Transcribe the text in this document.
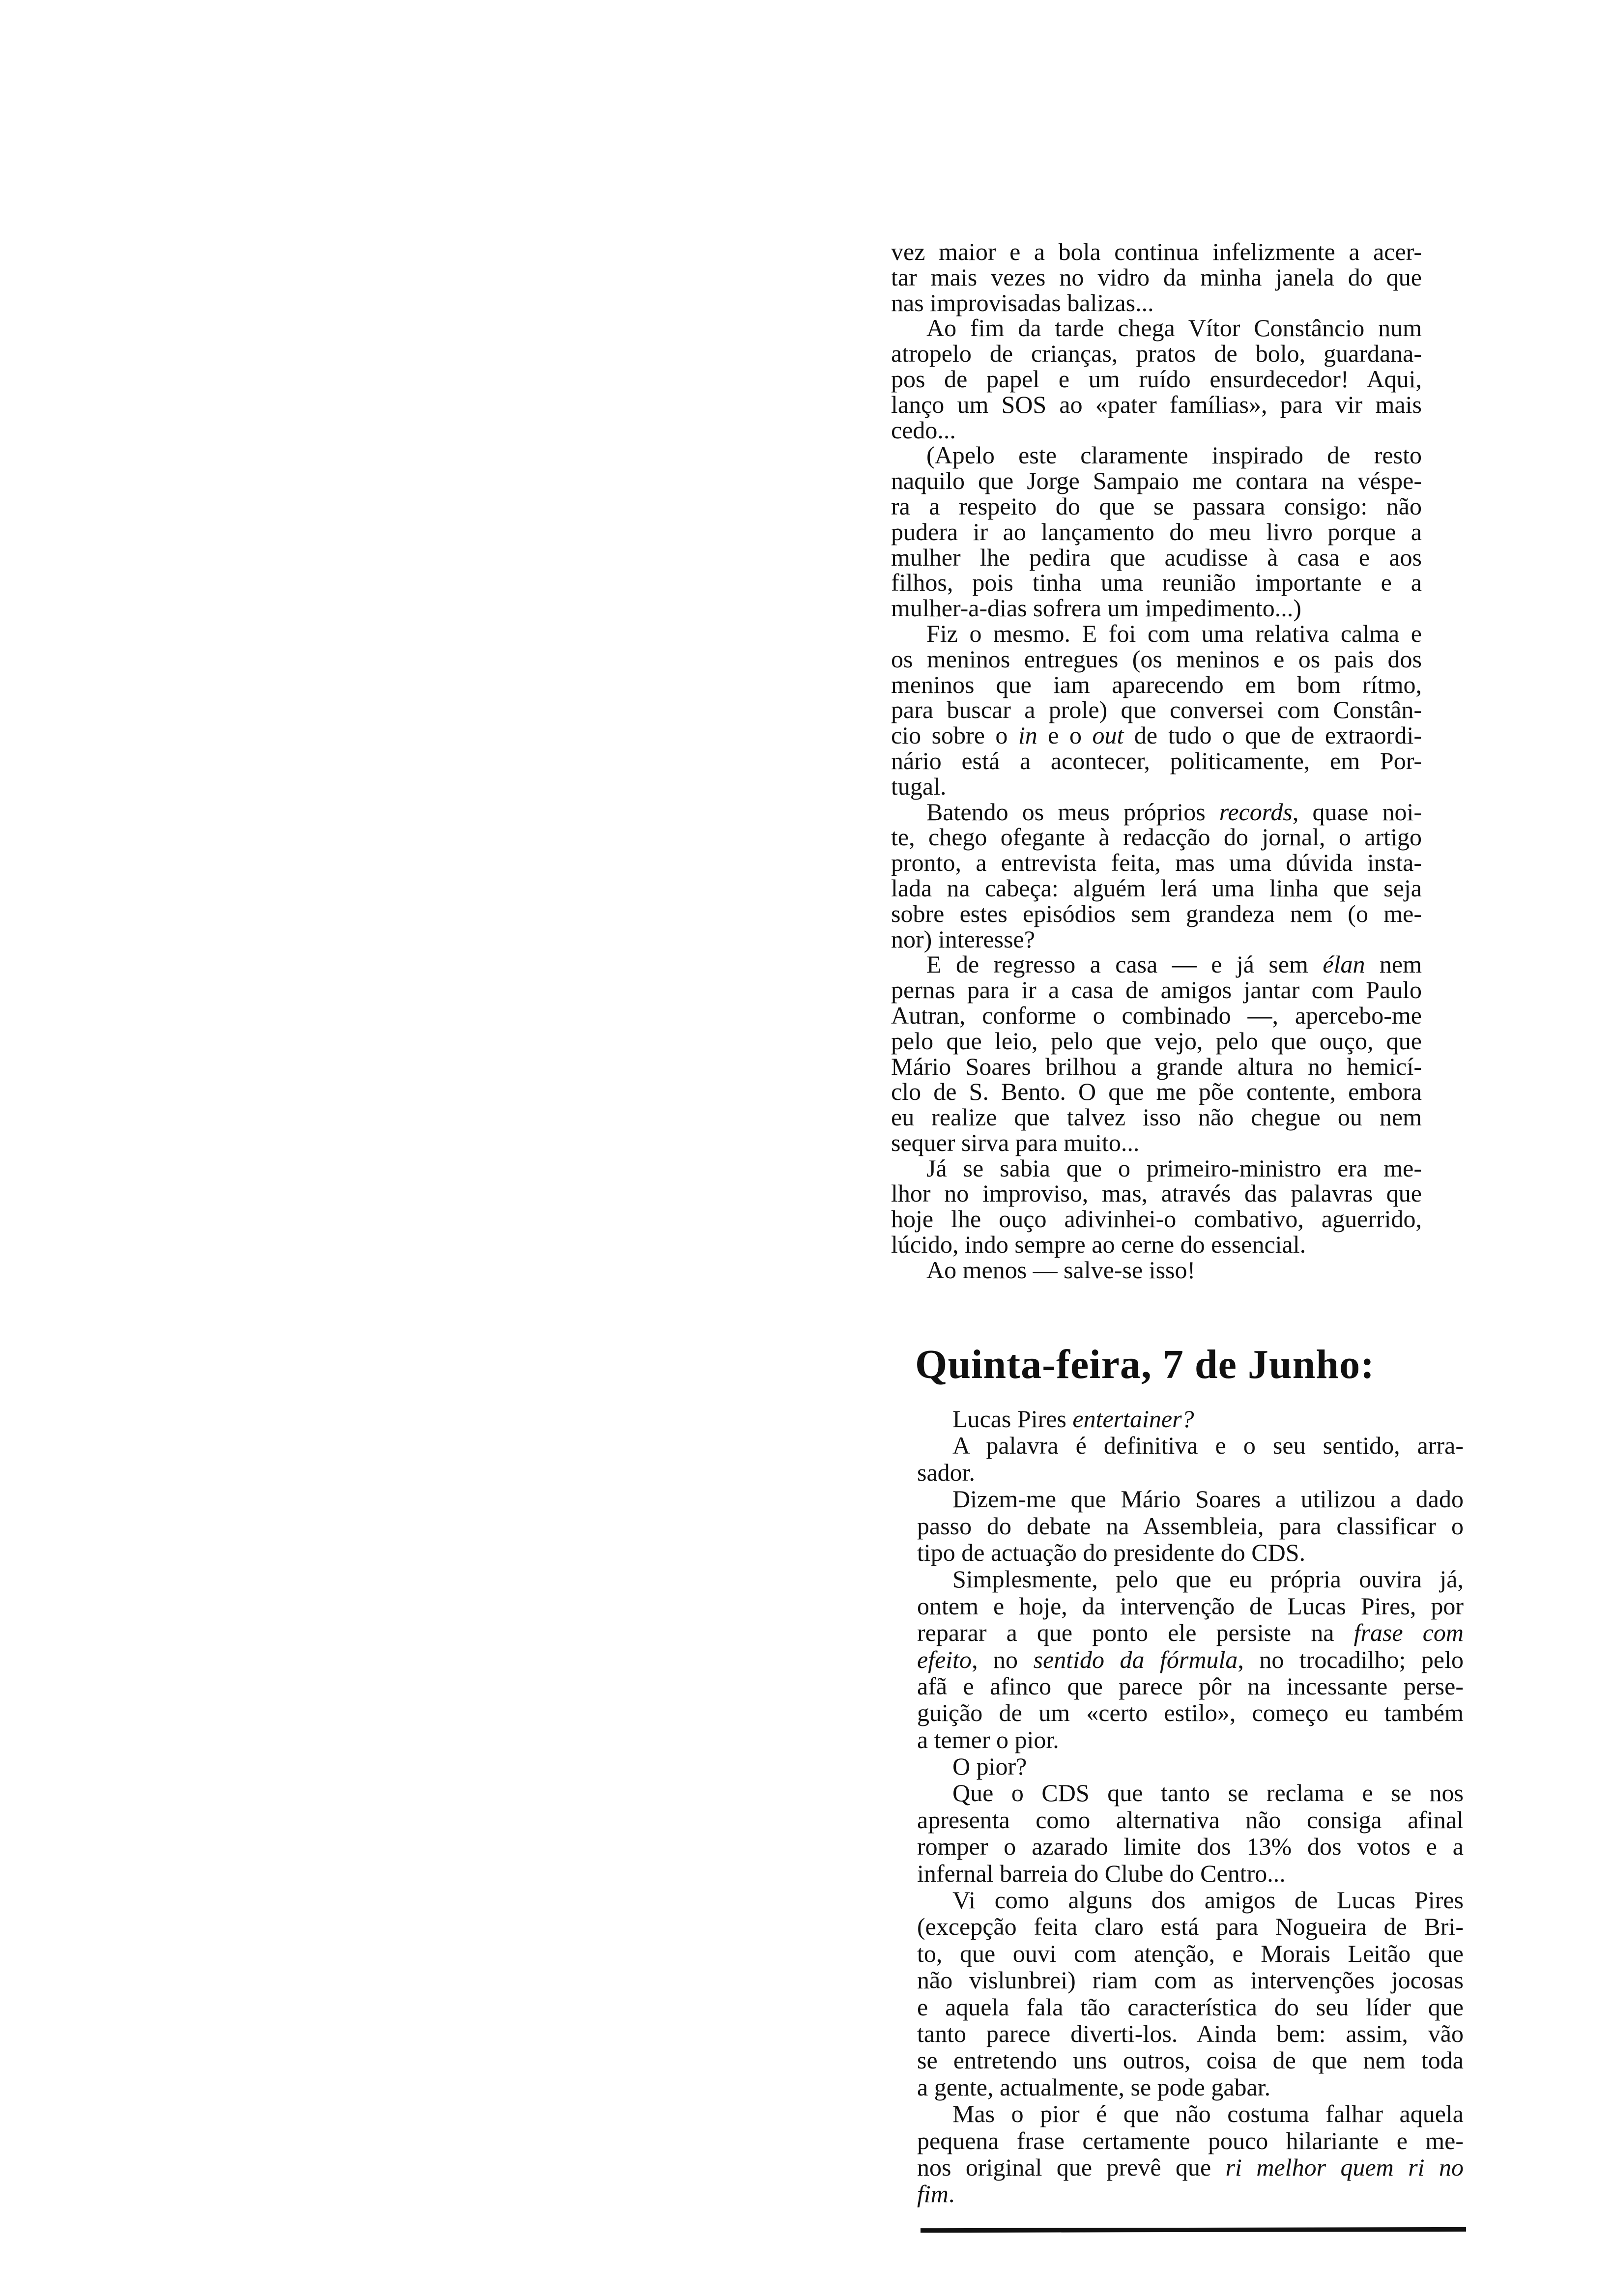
vez maior e a bola continua infelizmente a acer-
tar mais vezes no vidro da minha janela do que
nas improvisadas balizas...
Ao fim da tarde chega Vítor Constâncio num
atropelo de crianças, pratos de bolo, guardana-
pos de papel e um ruído ensurdecedor! Aqui,
lanço um SOS ao «pater famílias», para vir mais
cedo...
(Apelo este claramente inspirado de resto
naquilo que Jorge Sampaio me contara na véspe-
ra a respeito do que se passara consigo: não
pudera ir ao lançamento do meu livro porque a
mulher lhe pedira que acudisse à casa e aos
filhos, pois tinha uma reunião importante e a
mulher-a-dias sofrera um impedimento...)
Fiz o mesmo. E foi com uma relativa calma e
os meninos entregues (os meninos e os pais dos
meninos que iam aparecendo em bom rítmo,
para buscar a prole) que conversei com Constân-
cio sobre o in e o out de tudo o que de extraordi-
nário está a acontecer, politicamente, em Por-
tugal.
Batendo os meus próprios records, quase noi-
te, chego ofegante à redacção do jornal, o artigo
pronto, a entrevista feita, mas uma dúvida insta-
lada na cabeça: alguém lerá uma linha que seja
sobre estes episódios sem grandeza nem (o me-
nor) interesse?
E de regresso a casa — e já sem élan nem
pernas para ir a casa de amigos jantar com Paulo
Autran, conforme o combinado —, apercebo-me
pelo que leio, pelo que vejo, pelo que ouço, que
Mário Soares brilhou a grande altura no hemicí-
clo de S. Bento. O que me põe contente, embora
eu realize que talvez isso não chegue ou nem
sequer sirva para muito...
Já se sabia que o primeiro-ministro era me-
lhor no improviso, mas, através das palavras que
hoje lhe ouço adivinhei-o combativo, aguerrido,
lúcido, indo sempre ao cerne do essencial.
Ao menos — salve-se isso!
Quinta-feira, 7 de Junho:
Lucas Pires entertainer?
A palavra é definitiva e o seu sentido, arra-
sador.
Dizem-me que Mário Soares a utilizou a dado
passo do debate na Assembleia, para classificar o
tipo de actuação do presidente do CDS.
Simplesmente, pelo que eu própria ouvira já,
ontem e hoje, da intervenção de Lucas Pires, por
reparar a que ponto ele persiste na frase com
efeito, no sentido da fórmula, no trocadilho; pelo
afã e afinco que parece pôr na incessante perse-
guição de um «certo estilo», começo eu também
a temer o pior.
O pior?
Que o CDS que tanto se reclama e se nos
apresenta como alternativa não consiga afinal
romper o azarado limite dos 13% dos votos e a
infernal barreia do Clube do Centro...
Vi como alguns dos amigos de Lucas Pires
(excepção feita claro está para Nogueira de Bri-
to, que ouvi com atenção, e Morais Leitão que
não vislunbrei) riam com as intervenções jocosas
e aquela fala tão característica do seu líder que
tanto parece diverti-los. Ainda bem: assim, vão
se entretendo uns outros, coisa de que nem toda
a gente, actualmente, se pode gabar.
Mas o pior é que não costuma falhar aquela
pequena frase certamente pouco hilariante e me-
nos original que prevê que ri melhor quem ri no
fim.
